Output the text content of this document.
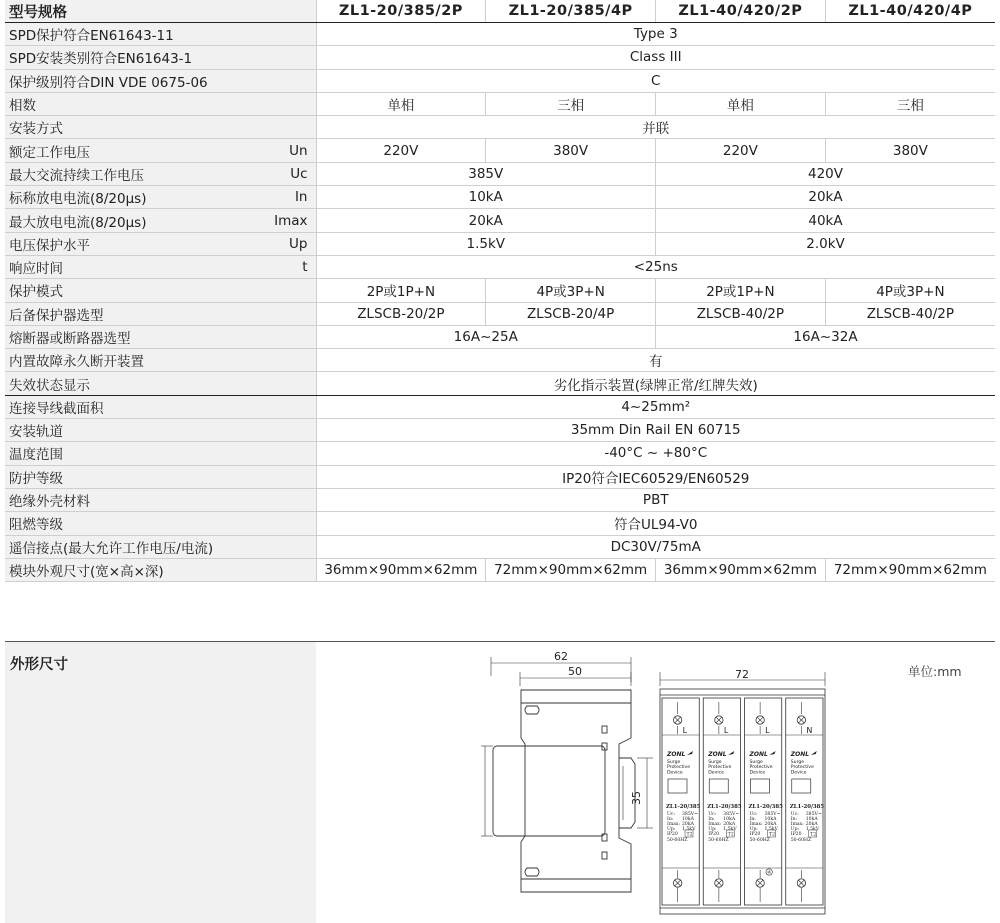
型号规格		ZL1-20/385/2P	ZL1-20/385/4P	ZL1-40/420/2P	ZL1-40/420/4P
SPD保护符合EN61643-11		Type 3			
SPD安装类别符合EN61643-1		Class III			
保护级别符合DIN VDE 0675-06		C			
相数		单相	三相	单相	三相
安装方式		并联			
额定工作电压	Un	220V	380V	220V	380V
最大交流持续工作电压	Uc	385V		420V	
标称放电电流(8/20μs)	In	10kA		20kA	
最大放电电流(8/20μs)	Imax	20kA		40kA	
电压保护水平	Up	1.5kV		2.0kV	
响应时间	t	<25ns			
保护模式		2P或1P+N	4P或3P+N	2P或1P+N	4P或3P+N
后备保护器选型		ZLSCB-20/2P	ZLSCB-20/4P	ZLSCB-40/2P	ZLSCB-40/2P
熔断器或断路器选型		16A~25A		16A~32A	
内置故障永久断开装置		有			
失效状态显示		劣化指示装置(绿牌正常/红牌失效)			
连接导线截面积		4~25mm²			
安装轨道		35mm Din Rail EN 60715			
温度范围		-40°C ~ +80°C			
防护等级		IP20符合IEC60529/EN60529			
绝缘外壳材料		PBT			
阻燃等级		符合UL94-V0			
遥信接点(最大允许工作电压/电流)		DC30V/75mA			
模块外观尺寸(宽×高×深)		36mm×90mm×62mm	72mm×90mm×62mm	36mm×90mm×62mm	72mm×90mm×62mm
外形尺寸	单位:mm
62
50
35
72
L
ZONL
Surge
Protective
Device
ZL1-20/385
Uc: 385V~
In: 10kA
Imax: 20kA
Up: 1.5kV
IP20 T2
50-60HZ
L
ZONL
Surge
Protective
Device
ZL1-20/385
Uc: 385V~
In: 10kA
Imax: 20kA
Up: 1.5kV
IP20 T2
50-60HZ
L
ZONL
Surge
Protective
Device
ZL1-20/385
Uc: 385V~
In: 10kA
Imax: 20kA
Up: 1.5kV
IP20 T2
50-60HZ
N
ZONL
Surge
Protective
Device
ZL1-20/385
Uc: 385V~
In: 10kA
Imax: 20kA
Up: 1.5kV
IP20 T2
50-60HZ
